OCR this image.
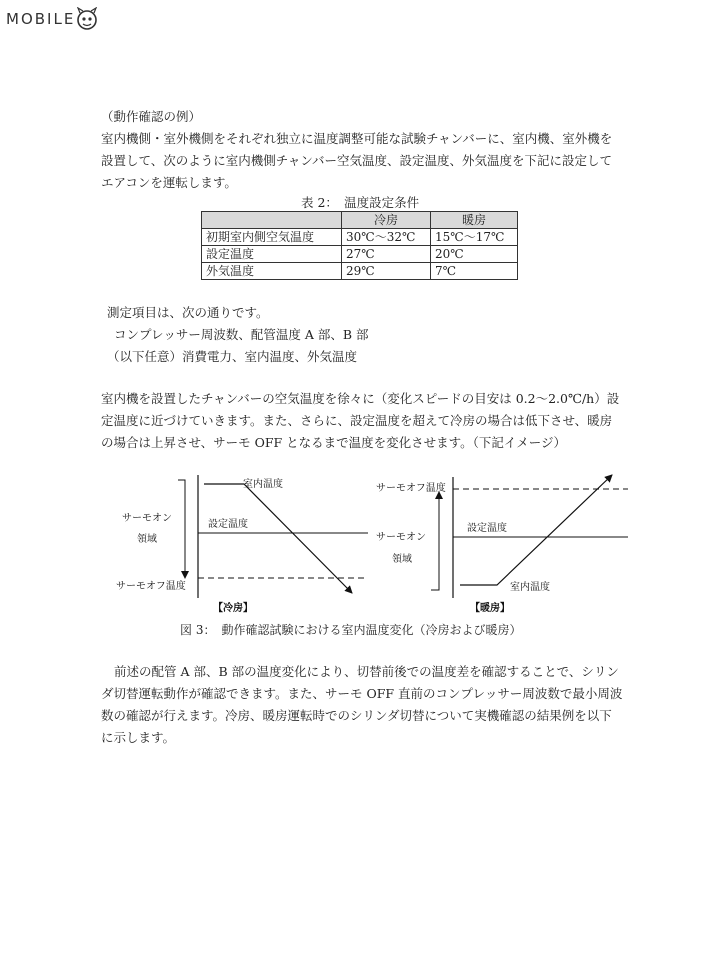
MOBILE
（動作確認の例）
室内機側・室外機側をそれぞれ独立に温度調整可能な試験チャンバーに、室内機、室外機を
設置して、次のように室内機側チャンバー空気温度、設定温度、外気温度を下記に設定して
エアコンを運転します。
表 2：　温度設定条件
	冷房	暖房
初期室内側空気温度	30℃〜32℃	15℃〜17℃
設定温度	27℃	20℃
外気温度	29℃	7℃
測定項目は、次の通りです。
コンプレッサー周波数、配管温度 A 部、B 部
（以下任意）消費電力、室内温度、外気温度
室内機を設置したチャンバーの空気温度を徐々に（変化スピードの目安は 0.2〜2.0℃/h）設
定温度に近づけていきます。また、さらに、設定温度を超えて冷房の場合は低下させ、暖房
の場合は上昇させ、サーモ OFF となるまで温度を変化させます。（下記イメージ）
室内温度
設定温度
サーモオン
領域
サーモオフ温度
【冷房】
サーモオフ温度
設定温度
サーモオン
領域
室内温度
【暖房】
図 3：　動作確認試験における室内温度変化（冷房および暖房）
前述の配管 A 部、B 部の温度変化により、切替前後での温度差を確認することで、シリン
ダ切替運転動作が確認できます。また、サーモ OFF 直前のコンプレッサー周波数で最小周波
数の確認が行えます。冷房、暖房運転時でのシリンダ切替について実機確認の結果例を以下
に示します。
